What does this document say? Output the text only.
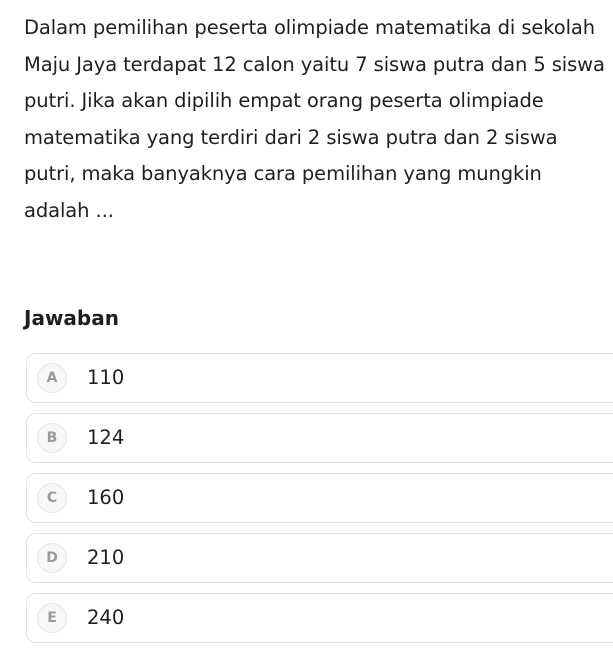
Dalam pemilihan peserta olimpiade matematika di sekolah Maju Jaya terdapat 12 calon yaitu 7 siswa putra dan 5 siswa putri. Jika akan dipilih empat orang peserta olimpiade matematika yang terdiri dari 2 siswa putra dan 2 siswa putri, maka banyaknya cara pemilihan yang mungkin adalah ...
Jawaban
A	110
B	124
C	160
D	210
E	240
